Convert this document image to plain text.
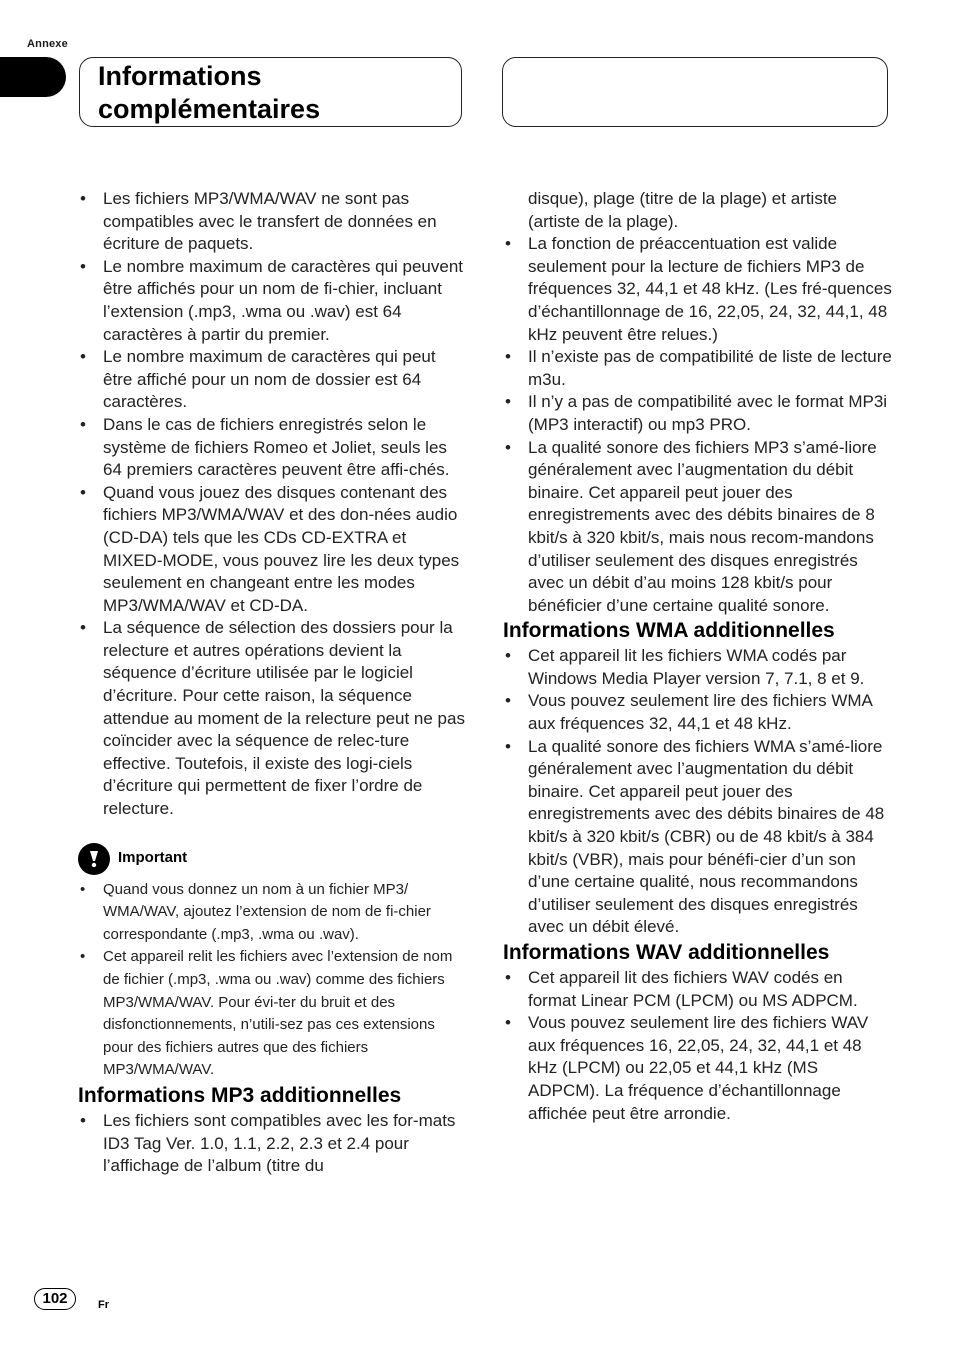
Annexe
Informations
complémentaires
• Les fichiers MP3/WMA/WAV ne sont pas compatibles avec le transfert de données en écriture de paquets.
• Le nombre maximum de caractères qui peuvent être affichés pour un nom de fi-chier, incluant l’extension (.mp3, .wma ou .wav) est 64 caractères à partir du premier.
• Le nombre maximum de caractères qui peut être affiché pour un nom de dossier est 64 caractères.
• Dans le cas de fichiers enregistrés selon le système de fichiers Romeo et Joliet, seuls les 64 premiers caractères peuvent être affi-chés.
• Quand vous jouez des disques contenant des fichiers MP3/WMA/WAV et des don-nées audio (CD-DA) tels que les CDs CD-EXTRA et MIXED-MODE, vous pouvez lire les deux types seulement en changeant entre les modes MP3/WMA/WAV et CD-DA.
• La séquence de sélection des dossiers pour la relecture et autres opérations devient la séquence d’écriture utilisée par le logiciel d’écriture. Pour cette raison, la séquence attendue au moment de la relecture peut ne pas coïncider avec la séquence de relec-ture effective. Toutefois, il existe des logi-ciels d’écriture qui permettent de fixer l’ordre de relecture.
Important
• Quand vous donnez un nom à un fichier MP3/ WMA/WAV, ajoutez l’extension de nom de fi-chier correspondante (.mp3, .wma ou .wav).
• Cet appareil relit les fichiers avec l’extension de nom de fichier (.mp3, .wma ou .wav) comme des fichiers MP3/WMA/WAV. Pour évi-ter du bruit et des disfonctionnements, n’utili-sez pas ces extensions pour des fichiers autres que des fichiers MP3/WMA/WAV.
Informations MP3 additionnelles
• Les fichiers sont compatibles avec les for-mats ID3 Tag Ver. 1.0, 1.1, 2.2, 2.3 et 2.4 pour l’affichage de l’album (titre du
disque), plage (titre de la plage) et artiste (artiste de la plage).
• La fonction de préaccentuation est valide seulement pour la lecture de fichiers MP3 de fréquences 32, 44,1 et 48 kHz. (Les fré-quences d’échantillonnage de 16, 22,05, 24, 32, 44,1, 48 kHz peuvent être relues.)
• Il n’existe pas de compatibilité de liste de lecture m3u.
• Il n’y a pas de compatibilité avec le format MP3i (MP3 interactif) ou mp3 PRO.
• La qualité sonore des fichiers MP3 s’amé-liore généralement avec l’augmentation du débit binaire. Cet appareil peut jouer des enregistrements avec des débits binaires de 8 kbit/s à 320 kbit/s, mais nous recom-mandons d’utiliser seulement des disques enregistrés avec un débit d’au moins 128 kbit/s pour bénéficier d’une certaine qualité sonore.
Informations WMA additionnelles
• Cet appareil lit les fichiers WMA codés par Windows Media Player version 7, 7.1, 8 et 9.
• Vous pouvez seulement lire des fichiers WMA aux fréquences 32, 44,1 et 48 kHz.
• La qualité sonore des fichiers WMA s’amé-liore généralement avec l’augmentation du débit binaire. Cet appareil peut jouer des enregistrements avec des débits binaires de 48 kbit/s à 320 kbit/s (CBR) ou de 48 kbit/s à 384 kbit/s (VBR), mais pour bénéfi-cier d’un son d’une certaine qualité, nous recommandons d’utiliser seulement des disques enregistrés avec un débit élevé.
Informations WAV additionnelles
• Cet appareil lit des fichiers WAV codés en format Linear PCM (LPCM) ou MS ADPCM.
• Vous pouvez seulement lire des fichiers WAV aux fréquences 16, 22,05, 24, 32, 44,1 et 48 kHz (LPCM) ou 22,05 et 44,1 kHz (MS ADPCM). La fréquence d’échantillonnage affichée peut être arrondie.
102	Fr
